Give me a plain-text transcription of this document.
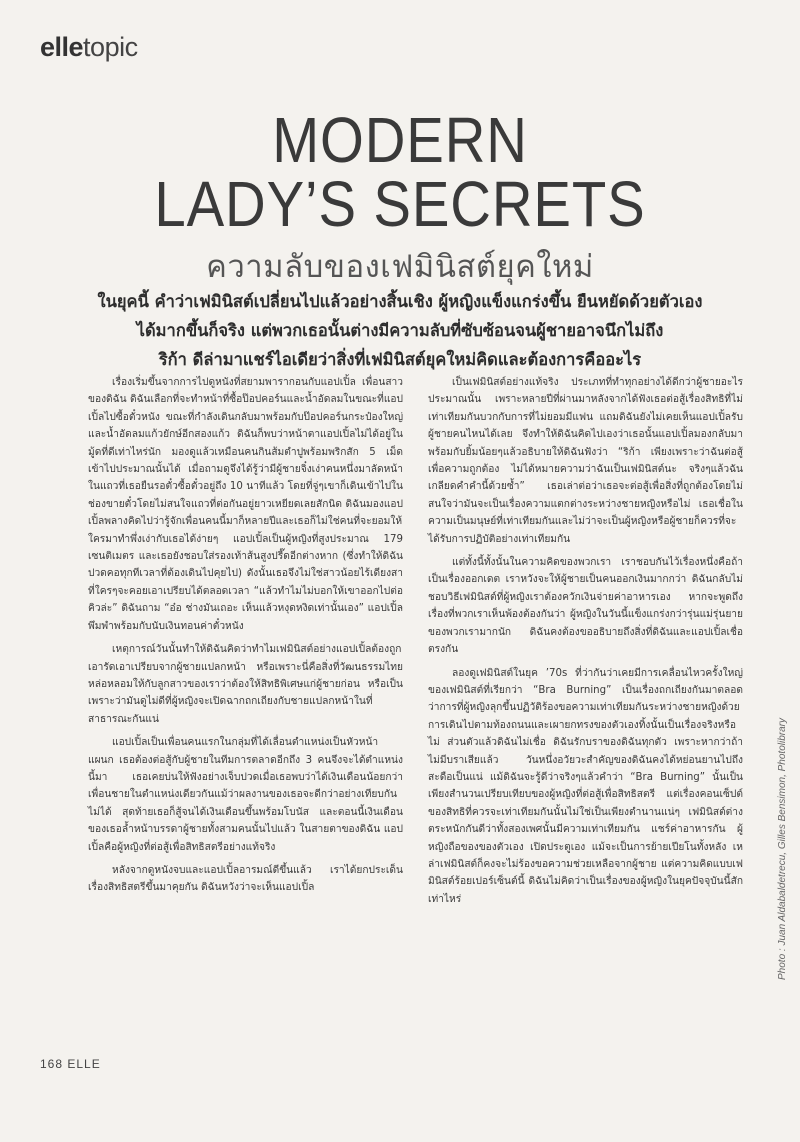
elletopic
MODERN
LADY’S SECRETS
ความลับของเฟมินิสต์ยุคใหม่
ในยุคนี้ คำว่าเฟมินิสต์เปลี่ยนไปแล้วอย่างสิ้นเชิง ผู้หญิงแข็งแกร่งขึ้น ยืนหยัดด้วยตัวเอง
ได้มากขึ้นก็จริง แต่พวกเธอนั้นต่างมีความลับที่ซับซ้อนจนผู้ชายอาจนึกไม่ถึง
ริก้า ดีล่ามาแชร์ไอเดียว่าสิ่งที่เฟมินิสต์ยุคใหม่คิดและต้องการคืออะไร

เรื่องเริ่มขึ้นจากการไปดูหนังที่สยามพารากอนกับแอปเปิ้ล เพื่อนสาวของดิฉัน ดิฉันเลือกที่จะทำหน้าที่ซื้อป๊อปคอร์นและน้ำอัดลมในขณะที่แอปเปิ้ลไปซื้อตั๋วหนัง ขณะที่กำลังเดินกลับมาพร้อมกับป๊อปคอร์นกระป๋องใหญ่และน้ำอัดลมแก้วยักษ์อีกสองแก้ว ดิฉันก็พบว่าหน้าตาแอปเปิ้ลไม่ได้อยู่ในมู้ดที่ดีเท่าไหร่นัก มองดูแล้วเหมือนคนกินส้มตำปูพร้อมพริกสัก 5 เม็ดเข้าไปประมาณนั้นได้ เมื่อถามดูจึงได้รู้ว่ามีผู้ชายจิ๋งเง่าคนหนึ่งมาลัดหน้าในแถวที่เธอยืนรอตั๋วซื้อตั๋วอยู่ถึง 10 นาทีแล้ว โดยที่จู่ๆเขาก็เดินเข้าไปในช่องขายตั๋วโดยไม่สนใจแถวที่ต่อกันอยู่ยาวเหยียดเลยสักนิด ดิฉันมองแอปเปิ้ลพลางคิดไปว่ารู้จักเพื่อนคนนี้มาก็หลายปีและเธอก็ไม่ใช่คนที่จะยอมให้ใครมาทำพึ่งเง่ากับเธอได้ง่ายๆ แอปเปิ้ลเป็นผู้หญิงที่สูงประมาณ 179 เซนติเมตร และเธอยังชอบใส่รองเท้าส้นสูงปรี๊ดอีกต่างหาก (ซึ่งทำให้ดิฉันปวดคอทุกทีเวลาที่ต้องเดินไปคุยไป) ดังนั้นเธอจึงไม่ใช่สาวน้อยไร้เดียงสาที่ใครๆจะคอยเอาเปรียบได้ตลอดเวลา “แล้วทำไมไม่บอกให้เขาออกไปต่อคิวล่ะ” ดิฉันถาม “อ๋อ ช่างมันเถอะ เห็นแล้วหงุดหงิดเท่านั้นเอง” แอปเปิ้ลพึมพำพร้อมกับนับเงินทอนค่าตั๋วหนัง

เหตุการณ์วันนั้นทำให้ดิฉันคิดว่าทำไมเฟมินิสต์อย่างแอปเปิ้ลต้องถูกเอารัดเอาเปรียบจากผู้ชายแปลกหน้า หรือเพราะนี่คือสิ่งที่วัฒนธรรมไทยหล่อหลอมให้กับลูกสาวของเราว่าต้องให้สิทธิพิเศษแก่ผู้ชายก่อน หรือเป็นเพราะว่ามันดูไม่ดีที่ผู้หญิงจะเปิดฉากถกเถียงกับชายแปลกหน้าในที่สาธารณะกันแน่

แอปเปิ้ลเป็นเพื่อนคนแรกในกลุ่มที่ได้เลื่อนตำแหน่งเป็นหัวหน้าแผนก เธอต้องต่อสู้กับผู้ชายในทีมการตลาดอีกถึง 3 คนจึงจะได้ตำแหน่งนี้มา เธอเคยบ่นให้ฟังอย่างเจ็บปวดเมื่อเธอพบว่าได้เงินเดือนน้อยกว่าเพื่อนชายในตำแหน่งเดียวกันแม้ว่าผลงานของเธอจะดีกว่าอย่างเทียบกันไม่ได้ สุดท้ายเธอก็สู้จนได้เงินเดือนขึ้นพร้อมโบนัส และตอนนี้เงินเดือนของเธอล้ำหน้าบรรดาผู้ชายทั้งสามคนนั้นไปแล้ว ในสายตาของดิฉัน แอปเปิ้ลคือผู้หญิงที่ต่อสู้เพื่อสิทธิสตรีอย่างแท้จริง

หลังจากดูหนังจบและแอปเปิ้ลอารมณ์ดีขึ้นแล้ว เราได้ยกประเด็นเรื่องสิทธิสตรีขึ้นมาคุยกัน ดิฉันหวังว่าจะเห็นแอปเปิ้ล

เป็นเฟมินิสต์อย่างแท้จริง ประเภทที่ทำทุกอย่างได้ดีกว่าผู้ชายอะไรประมาณนั้น เพราะหลายปีที่ผ่านมาหลังจากได้ฟังเธอต่อสู้เรื่องสิทธิที่ไม่เท่าเทียมกันบวกกับการที่ไม่ยอมมีแฟน แถมดิฉันยังไม่เคยเห็นแอปเปิ้ลรับผู้ชายคนไหนได้เลย จึงทำให้ดิฉันคิดไปเองว่าเธอนั้นแอปเปิ้ลมองกลับมาพร้อมกับยิ้มน้อยๆแล้วอธิบายให้ดิฉันฟังว่า “ริก้า เพียงเพราะว่าฉันต่อสู้เพื่อความถูกต้อง ไม่ได้หมายความว่าฉันเป็นเฟมินิสต์นะ จริงๆแล้วฉันเกลียดคำคำนี้ด้วยซ้ำ” เธอเล่าต่อว่าเธอจะต่อสู้เพื่อสิ่งที่ถูกต้องโดยไม่สนใจว่ามันจะเป็นเรื่องความแตกต่างระหว่างชายหญิงหรือไม่ เธอเชื่อในความเป็นมนุษย์ที่เท่าเทียมกันและไม่ว่าจะเป็นผู้หญิงหรือผู้ชายก็ควรที่จะได้รับการปฏิบัติอย่างเท่าเทียมกัน

แต่ทั้งนี้ทั้งนั้นในความคิดของพวกเรา เราชอบกันไว้เรื่องหนึ่งคือถ้าเป็นเรื่องออกเดต เราหวังจะให้ผู้ชายเป็นคนออกเงินมากกว่า ดิฉันกลับไม่ชอบวิธีเฟมินิสต์ที่ผู้หญิงเราต้องควักเงินจ่ายค่าอาหารเอง หากจะพูดถึงเรื่องที่พวกเราเห็นพ้องต้องกันว่า ผู้หญิงในวันนี้แข็งแกร่งกว่ารุ่นแม่รุ่นยายของพวกเรามากนัก ดิฉันคงต้องขออธิบายถึงสิ่งที่ดิฉันและแอปเปิ้ลเชื่อตรงกัน

ลองดูเฟมินิสต์ในยุค ’70s ที่ว่ากันว่าเคยมีการเคลื่อนไหวครั้งใหญ่ของเฟมินิสต์ที่เรียกว่า “Bra Burning” เป็นเรื่องถกเถียงกันมาตลอดว่าการที่ผู้หญิงลุกขึ้นปฏิวัติร้องขอความเท่าเทียมกันระหว่างชายหญิงด้วยการเดินไปตามท้องถนนและเผายกทรงของตัวเองทิ้งนั้นเป็นเรื่องจริงหรือไม่ ส่วนตัวแล้วดิฉันไม่เชื่อ ดิฉันรักบราของดิฉันทุกตัว เพราะหากว่าถ้าไม่มีบราเสียแล้ว วันหนึ่งอวัยวะสำคัญของดิฉันคงได้หย่อนยานไปถึงสะดือเป็นแน่ แม้ดิฉันจะรู้ดีว่าจริงๆแล้วคำว่า “Bra Burning” นั้นเป็นเพียงสำนวนเปรียบเทียบของผู้หญิงที่ต่อสู้เพื่อสิทธิสตรี แต่เรื่องคอนเซ็ปต์ของสิทธิที่ควรจะเท่าเทียมกันนั้นไม่ใช่เป็นเพียงตำนานแน่ๆ เฟมินิสต์ต่างตระหนักกันดีว่าทั้งสองเพศนั้นมีความเท่าเทียมกัน แชร์ค่าอาหารกัน ผู้หญิงถือของของตัวเอง เปิดประตูเอง แม้จะเป็นการย้ายเปียโนทั้งหลัง เหล่าเฟมินิสต์ก็คงจะไม่ร้องขอความช่วยเหลือจากผู้ชาย แต่ความคิดแบบเฟมินิสต์ร้อยเปอร์เซ็นต์นี้ ดิฉันไม่คิดว่าเป็นเรื่องของผู้หญิงในยุคปัจจุบันนี้สักเท่าไหร่

168 ELLE
Photo : Juan Aldabaldetrecu, Gilles Bensimon, Photolibrary
